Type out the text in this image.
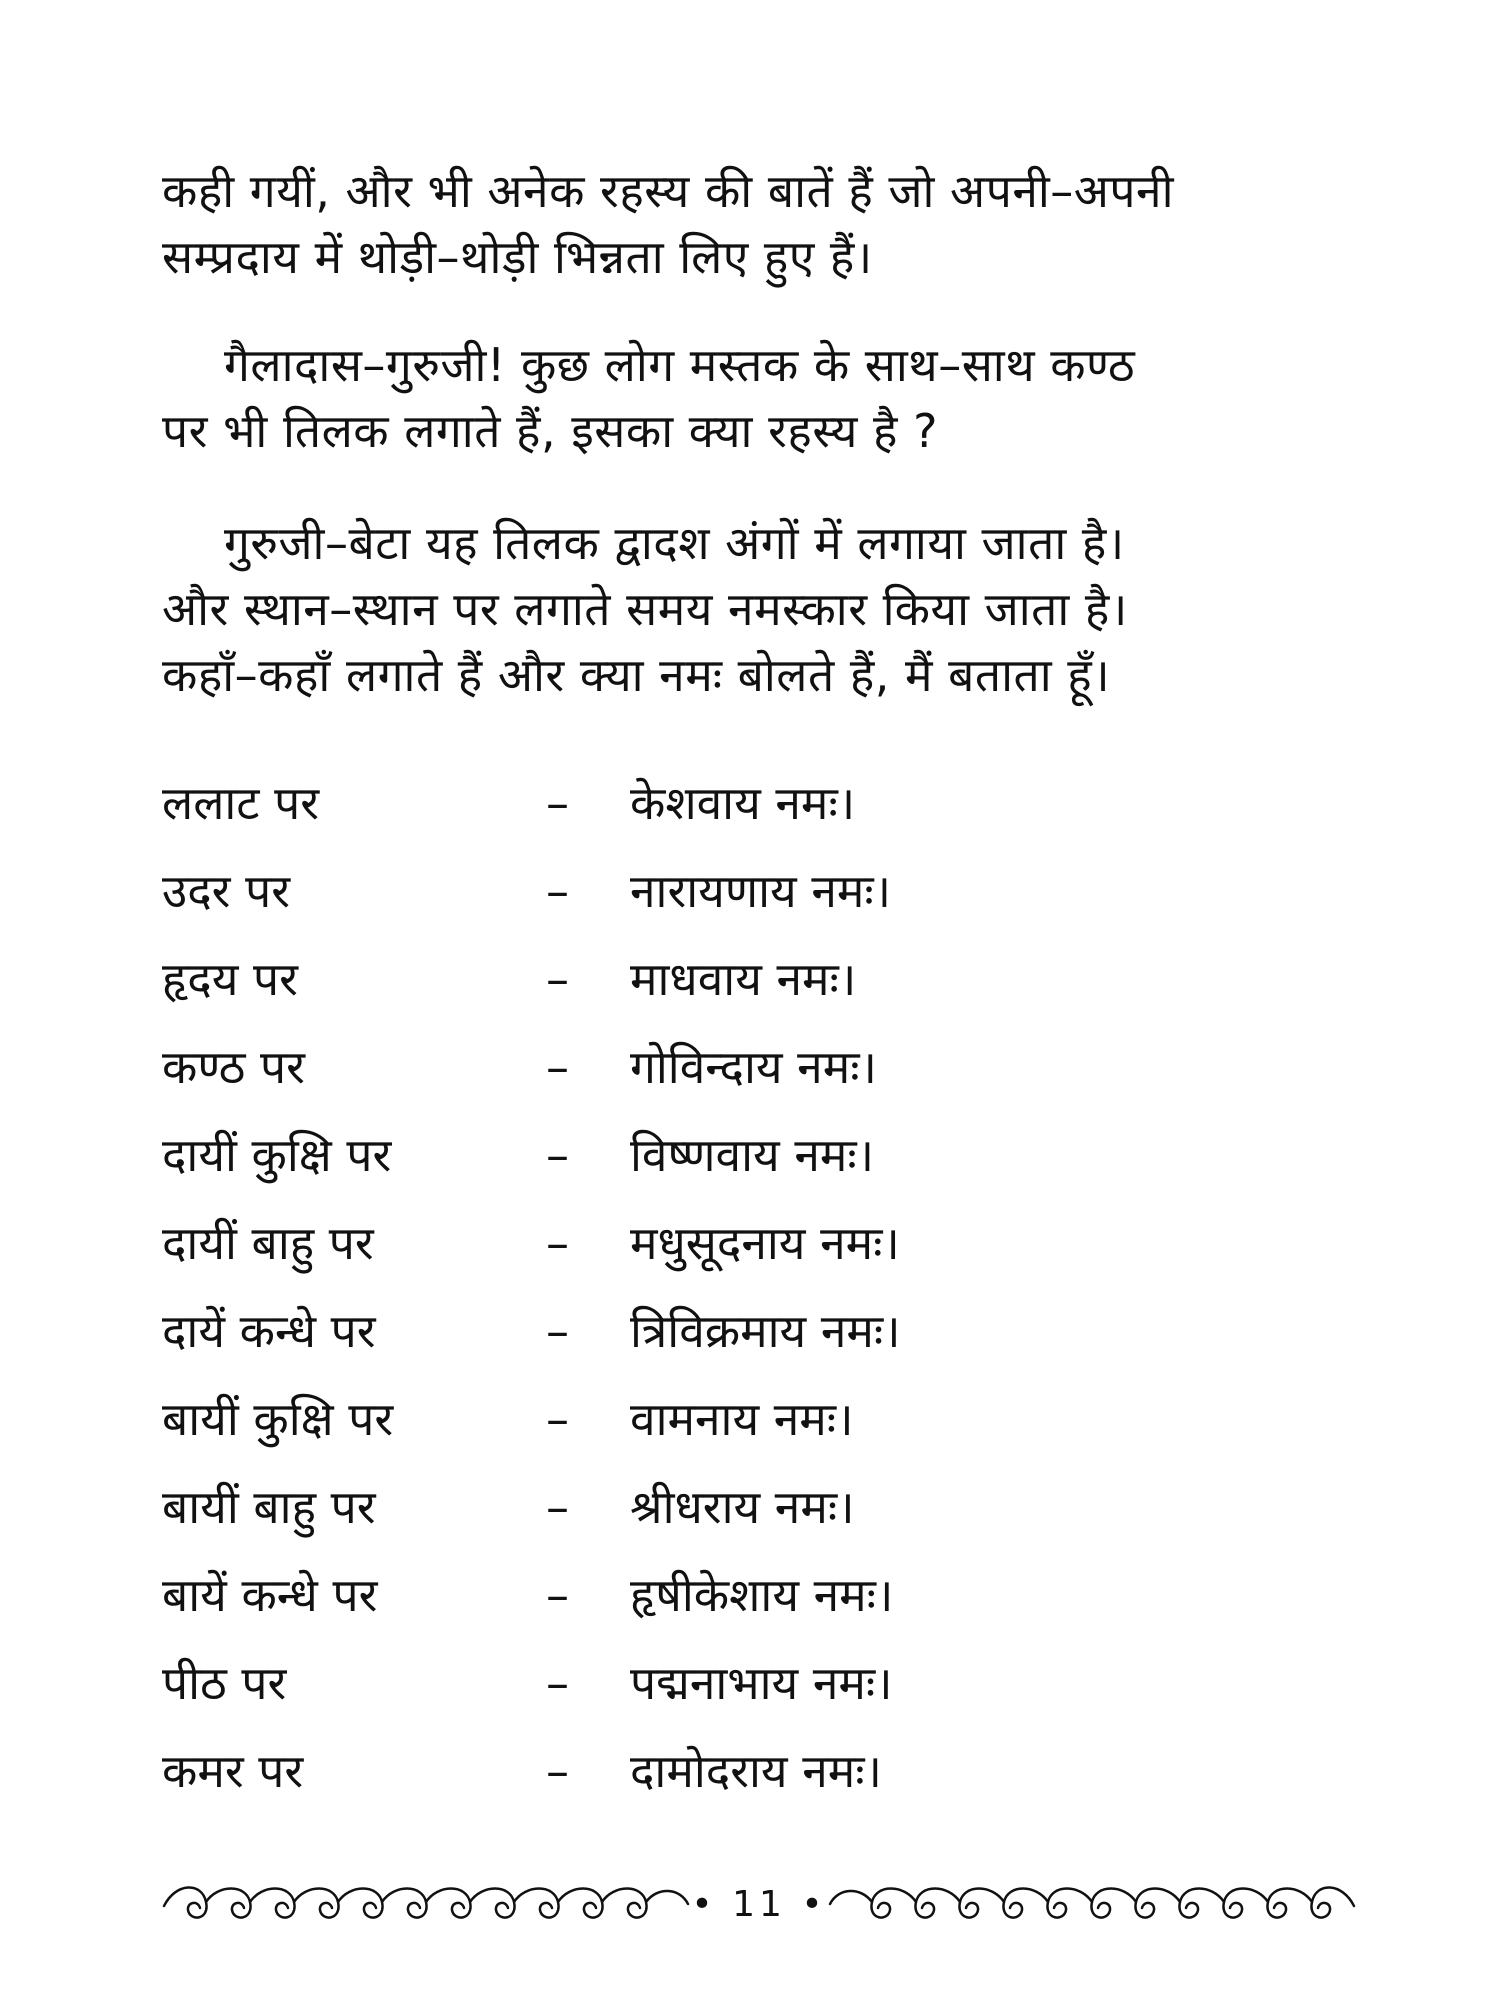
कही गयीं, और भी अनेक रहस्य की बातें हैं जो अपनी–अपनी
सम्प्रदाय में थोड़ी–थोड़ी भिन्नता लिए हुए हैं।

गैलादास–गुरुजी! कुछ लोग मस्तक के साथ–साथ कण्ठ
पर भी तिलक लगाते हैं, इसका क्या रहस्य है ?

गुरुजी–बेटा यह तिलक द्वादश अंगों में लगाया जाता है।
और स्थान–स्थान पर लगाते समय नमस्कार किया जाता है।
कहाँ–कहाँ लगाते हैं और क्या नमः बोलते हैं, मैं बताता हूँ।

ललाट पर	– केशवाय नमः।
उदर पर	– नारायणाय नमः।
हृदय पर	– माधवाय नमः।
कण्ठ पर	– गोविन्दाय नमः।
दायीं कुक्षि पर	– विष्णवाय नमः।
दायीं बाहु पर	– मधुसूदनाय नमः।
दायें कन्धे पर	– त्रिविक्रमाय नमः।
बायीं कुक्षि पर	– वामनाय नमः।
बायीं बाहु पर	– श्रीधराय नमः।
बायें कन्धे पर	– हृषीकेशाय नमः।
पीठ पर	– पद्मनाभाय नमः।
कमर पर	– दामोदराय नमः।
• 11 •
